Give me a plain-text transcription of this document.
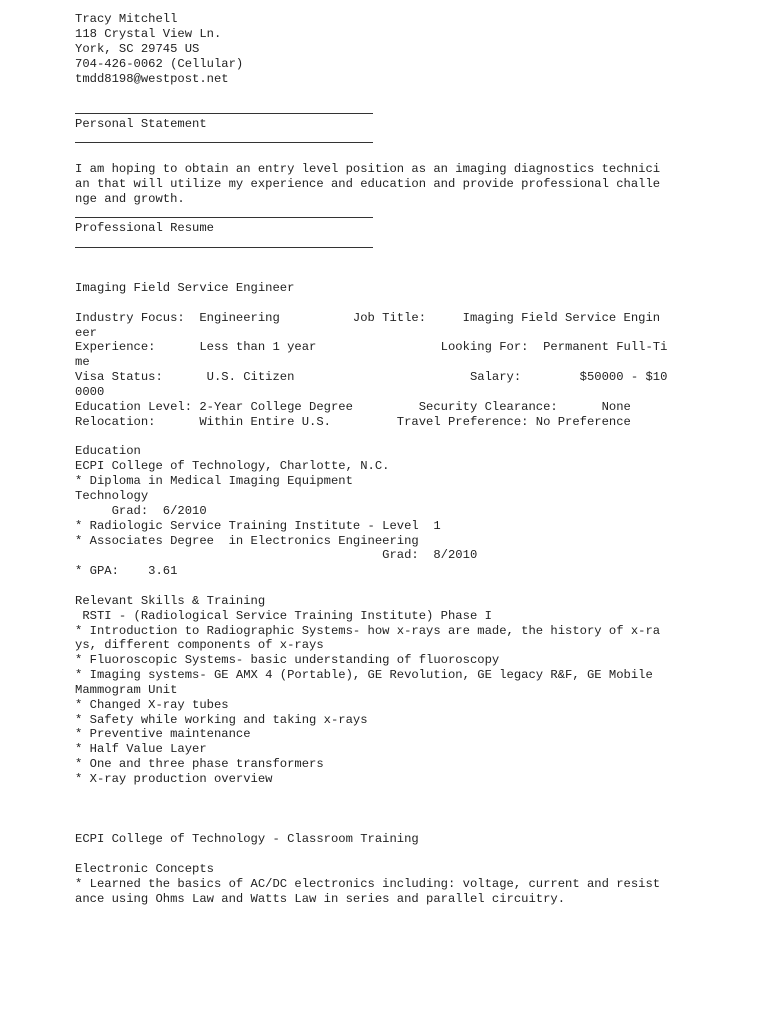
Tracy Mitchell

118 Crystal View Ln.

York, SC 29745 US

704-426-0062 (Cellular)

tmdd8198@westpost.net

Personal Statement

I am hoping to obtain an entry level position as an imaging diagnostics technici

an that will utilize my experience and education and provide professional challe

nge and growth.

Professional Resume

Imaging Field Service Engineer

Industry Focus:  Engineering          Job Title:     Imaging Field Service Engin

eer

Experience:      Less than 1 year                 Looking For:  Permanent Full-Ti

me

Visa Status:      U.S. Citizen                        Salary:        $50000 - $10

0000

Education Level: 2-Year College Degree         Security Clearance:      None

Relocation:      Within Entire U.S.         Travel Preference: No Preference

Education

ECPI College of Technology, Charlotte, N.C.

* Diploma in Medical Imaging Equipment

Technology

Grad:  6/2010

* Radiologic Service Training Institute - Level  1

* Associates Degree  in Electronics Engineering

Grad:  8/2010

* GPA:    3.61

Relevant Skills & Training

RSTI - (Radiological Service Training Institute) Phase I

* Introduction to Radiographic Systems- how x-rays are made, the history of x-ra

ys, different components of x-rays

* Fluoroscopic Systems- basic understanding of fluoroscopy

* Imaging systems- GE AMX 4 (Portable), GE Revolution, GE legacy R&F, GE Mobile

Mammogram Unit

* Changed X-ray tubes

* Safety while working and taking x-rays

* Preventive maintenance

* Half Value Layer

* One and three phase transformers

* X-ray production overview

ECPI College of Technology - Classroom Training

Electronic Concepts

* Learned the basics of AC/DC electronics including: voltage, current and resist

ance using Ohms Law and Watts Law in series and parallel circuitry.
